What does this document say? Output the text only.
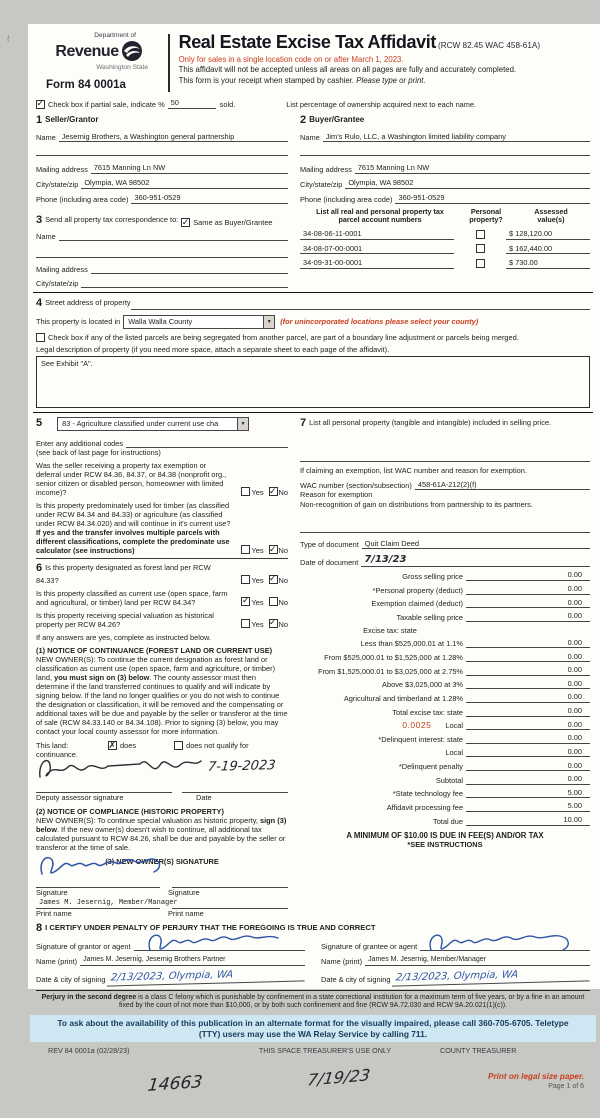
⌇	Department of
Revenue
Washington State
Form 84 0001a
Real Estate Excise Tax Affidavit (RCW 82.45 WAC 458-61A)
Only for sales in a single location code on or after March 1, 2023.
This affidavit will not be accepted unless all areas on all pages are fully and accurately completed.
This form is your receipt when stamped by cashier. Please type or print.
✓
Check box if partial sale, indicate % 50	sold.	List percentage of ownership acquired next to each name.
1 Seller/Grantor
Name Jesernig Brothers, a Washington general partnership
Mailing address 7615 Manning Ln NW
City/state/zip Olympia, WA 98502
Phone (including area code) 360-951-0529
3 Send all property tax correspondence to: ✓ Same as Buyer/Grantee
Name
Mailing address
City/state/zip
2 Buyer/Grantee
Name Jim's Rulo, LLC, a Washington limited liability company
Mailing address 7615 Manning Ln NW
City/state/zip Olympia, WA 98502
Phone (including area code) 360-951-0529
List all real and personal property tax
parcel account numbers
Personal
property?
Assessed
value(s)
34-08-06-11-0001	$ 128,120.00
34-08-07-00-0001	$ 162,440.00
34-09-31-00-0001	$ 730.00
4 Street address of property
This property is located in	Walla Walla County ▼	(for unincorporated locations please select your county)
Check box if any of the listed parcels are being segregated from another parcel, are part of a boundary line adjustment or parcels being merged.
Legal description of property (if you need more space, attach a separate sheet to each page of the affidavit).
See Exhibit "A".
5	83 - Agriculture classified under current use cha
▼
Enter any additional codes
(see back of last page for instructions)
Was the seller receiving a property tax exemption or deferral under RCW 84.36, 84.37, or 84.38 (nonprofit org., senior citizen or disabled person, homeowner with limited income)?	Yes ✓ No
Is this property predominately used for timber (as classified under RCW 84.34 and 84.33) or agriculture (as classified under RCW 84.34.020) and will continue in it's current use? If yes and the transfer involves multiple parcels with different classifications, complete the predominate use calculator (see instructions)	Yes ✓ No
6 Is this property designated as forest land per RCW 84.33?	Yes ✓ No
Is this property classified as current use (open space, farm and agricultural, or timber) land per RCW 84.34? ✓	Yes No
Is this property receiving special valuation as historical property per RCW 84.26?	Yes ✓ No
If any answers are yes, complete as instructed below.
(1) NOTICE OF CONTINUANCE (FOREST LAND OR CURRENT USE)
NEW OWNER(S): To continue the current designation as forest land or classification as current use (open space, farm and agriculture, or timber) land, you must sign on (3) below. The county assessor must then determine if the land transferred continues to qualify and will indicate by signing below. If the land no longer qualifies or you do not wish to continue the designation or classification, it will be removed and the compensating or additional taxes will be due and payable by the seller or transferor at the time of sale (RCW 84.33.140 or 84.34.108). Prior to signing (3) below, you may contact your local county assessor for more information.
This land: ✗	does	does not qualify for
continuance.
7-19-2023
Deputy assessor signature	Date
(2) NOTICE OF COMPLIANCE (HISTORIC PROPERTY)
NEW OWNER(S): To continue special valuation as historic property, sign (3) below. If the new owner(s) doesn't wish to continue, all additional tax calculated pursuant to RCW 84.26, shall be due and payable by the seller or transferor at the time of sale.
(3) NEW OWNER(S) SIGNATURE
Signature	Signature
James M. Jesernig, Member/Manager
Print name	Print name
7 List all personal property (tangible and intangible) included in selling price.
If claiming an exemption, list WAC number and reason for exemption.
WAC number (section/subsection) 458-61A-212(2)(f)
Reason for exemption
Non-recognition of gain on distributions from partnership to its partners.
Type of document Quit Claim Deed
Date of document 7/13/23
Gross selling price	0.00
*Personal property (deduct)	0.00
Exemption claimed (deduct)	0.00
Taxable selling price	0.00
Excise tax: state
Less than $525,000.01 at 1.1%	0.00
From $525,000.01 to $1,525,000 at 1.28%	0.00
From $1,525,000.01 to $3,025,000 at 2.75%	0.00
Above $3,025,000 at 3%	0.00
Agricultural and timberland at 1.28%	0.00
Total excise tax: state	0.00
0.0025 Local	0.00
*Delinquent interest: state	0.00
Local	0.00
*Delinquent penalty	0.00
Subtotal	0.00
*State technology fee	5.00
Affidavit processing fee	5.00
Total due	10.00
A MINIMUM OF $10.00 IS DUE IN FEE(S) AND/OR TAX
*SEE INSTRUCTIONS
8 I CERTIFY UNDER PENALTY OF PERJURY THAT THE FOREGOING IS TRUE AND CORRECT
Signature of grantor or agent
Name (print) James M. Jesernig, Jesernig Brothers Partner
Date & city of signing 2/13/2023, Olympia, WA
Signature of grantee or agent
Name (print) James M. Jesernig, Member/Manager
Date & city of signing 2/13/2023, Olympia, WA
Perjury in the second degree is a class C felony which is punishable by confinement in a state correctional institution for a maximum term of five years, or by a fine in an amount fixed by the court of not more than $10,000, or by both such confinement and fine (RCW 9A.72.030 and RCW 9A.20.021(1)(c)).
To ask about the availability of this publication in an alternate format for the visually impaired, please call 360-705-6705. Teletype (TTY) users may use the WA Relay Service by calling 711.
REV 84 0001a (02/28/23)	THIS SPACE TREASURER'S USE ONLY	COUNTY TREASURER
14663	7/19/23	Print on legal size paper.
Page 1 of 6
